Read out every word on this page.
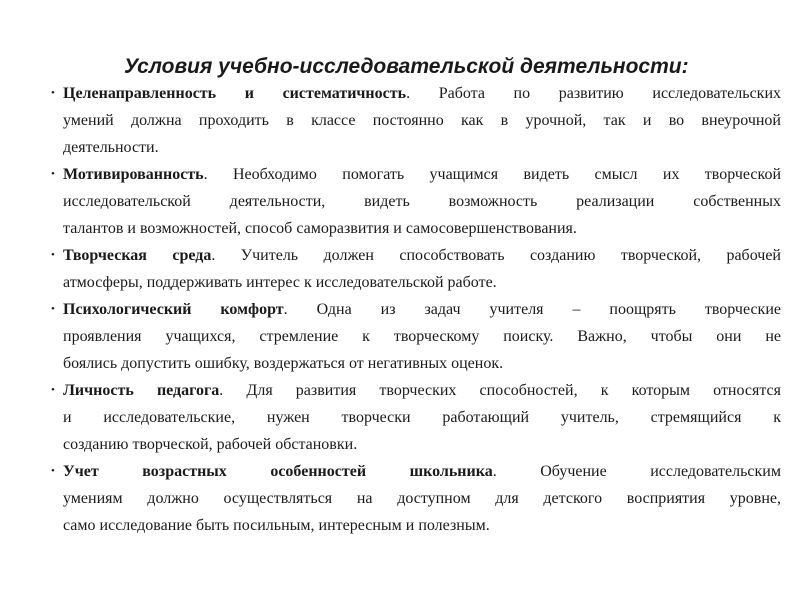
Условия учебно-исследовательской деятельности:
• Целенаправленность и систематичность. Работа по развитию исследовательских
умений должна проходить в классе постоянно как в урочной, так и во внеурочной
деятельности.
• Мотивированность. Необходимо помогать учащимся видеть смысл их творческой
исследовательской деятельности, видеть возможность реализации собственных
талантов и возможностей, способ саморазвития и самосовершенствования.
• Творческая среда. Учитель должен способствовать созданию творческой, рабочей
атмосферы, поддерживать интерес к исследовательской работе.
• Психологический комфорт. Одна из задач учителя – поощрять творческие
проявления учащихся, стремление к творческому поиску. Важно, чтобы они не
боялись допустить ошибку, воздержаться от негативных оценок.
• Личность педагога. Для развития творческих способностей, к которым относятся
и исследовательские, нужен творчески работающий учитель, стремящийся к
созданию творческой, рабочей обстановки.
• Учет возрастных особенностей школьника. Обучение исследовательским
умениям должно осуществляться на доступном для детского восприятия уровне,
само исследование быть посильным, интересным и полезным.
